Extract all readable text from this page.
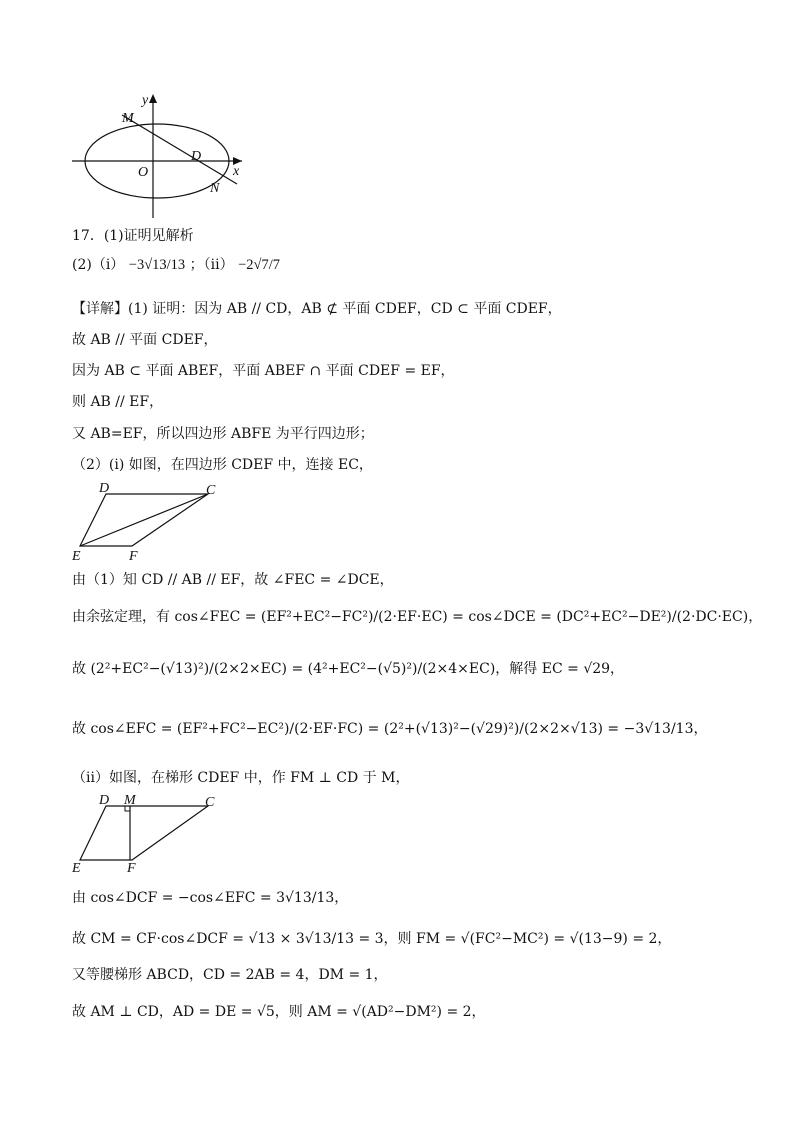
y
x
M
O
D
N
17．(1)证明见解析
(2)（i） −3√13/13 ；（ii） −2√7/7
【详解】(1) 证明：因为 AB // CD，AB ⊄ 平面 CDEF，CD ⊂ 平面 CDEF，
故 AB // 平面 CDEF，
因为 AB ⊂ 平面 ABEF，平面 ABEF ∩ 平面 CDEF = EF，
则 AB // EF，
又 AB=EF，所以四边形 ABFE 为平行四边形；
（2）(i) 如图，在四边形 CDEF 中，连接 EC，
D	C
E	F
由（1）知 CD // AB // EF，故 ∠FEC = ∠DCE，
由余弦定理，有 cos∠FEC = (EF²+EC²−FC²)/(2·EF·EC) = cos∠DCE = (DC²+EC²−DE²)/(2·DC·EC)，
故 (2²+EC²−(√13)²)/(2×2×EC) = (4²+EC²−(√5)²)/(2×4×EC)，解得 EC = √29，
故 cos∠EFC = (EF²+FC²−EC²)/(2·EF·FC) = (2²+(√13)²−(√29)²)/(2×2×√13) = −3√13/13，
（ii）如图，在梯形 CDEF 中，作 FM ⊥ CD 于 M，
D M	C
E	F
由 cos∠DCF = −cos∠EFC = 3√13/13，
故 CM = CF·cos∠DCF = √13 × 3√13/13 = 3，则 FM = √(FC²−MC²) = √(13−9) = 2，
又等腰梯形 ABCD，CD = 2AB = 4，DM = 1，
故 AM ⊥ CD，AD = DE = √5，则 AM = √(AD²−DM²) = 2，
